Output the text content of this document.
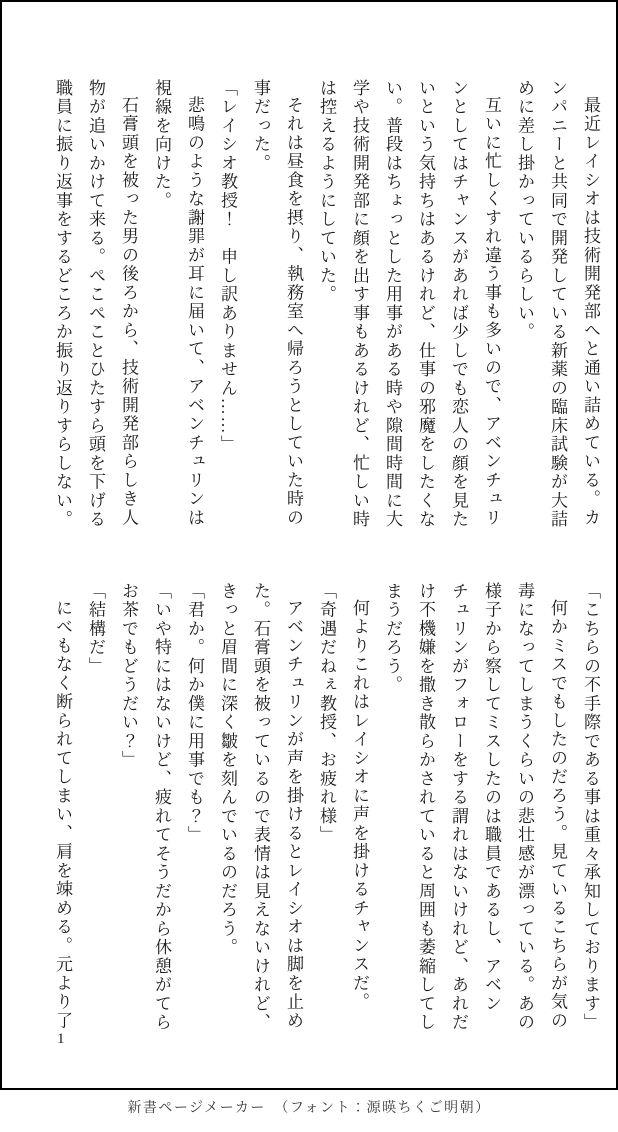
最近レイシオは技術開発部へと通い詰めている。カンパニーと共同で開発している新薬の臨床試験が大詰めに差し掛かっているらしい。

互いに忙しくすれ違う事も多いので、アベンチュリンとしてはチャンスがあれば少しでも恋人の顔を見たいという気持ちはあるけれど、仕事の邪魔をしたくない。普段はちょっとした用事がある時や隙間時間に大学や技術開発部に顔を出す事もあるけれど、忙しい時は控えるようにしていた。

それは昼食を摂り、執務室へ帰ろうとしていた時の事だった。

「レイシオ教授！　申し訳ありません……」

悲鳴のような謝罪が耳に届いて、アベンチュリンは視線を向けた。

石膏頭を被った男の後ろから、技術開発部らしき人物が追いかけて来る。ぺこぺことひたすら頭を下げる職員に振り返事をするどころか振り返りすらしない。

「こちらの不手際である事は重々承知しております」

何かミスでもしたのだろう。見ているこちらが気の毒になってしまうくらいの悲壮感が漂っている。あの様子から察してミスしたのは職員であるし、アベンチュリンがフォローをする謂れはないけれど、あれだけ不機嫌を撒き散らかされていると周囲も萎縮してしまうだろう。

何よりこれはレイシオに声を掛けるチャンスだ。

「奇遇だねぇ教授、お疲れ様」

アベンチュリンが声を掛けるとレイシオは脚を止めた。石膏頭を被っているので表情は見えないけれど、きっと眉間に深く皺を刻んでいるのだろう。

「君か。何か僕に用事でも？」

「いや特にはないけど、疲れてそうだから休憩がてらお茶でもどうだい？」

「結構だ」

にべもなく断られてしまい、肩を竦める。元より了

1
新書ページメーカー　（フォント：源暎ちくご明朝）
